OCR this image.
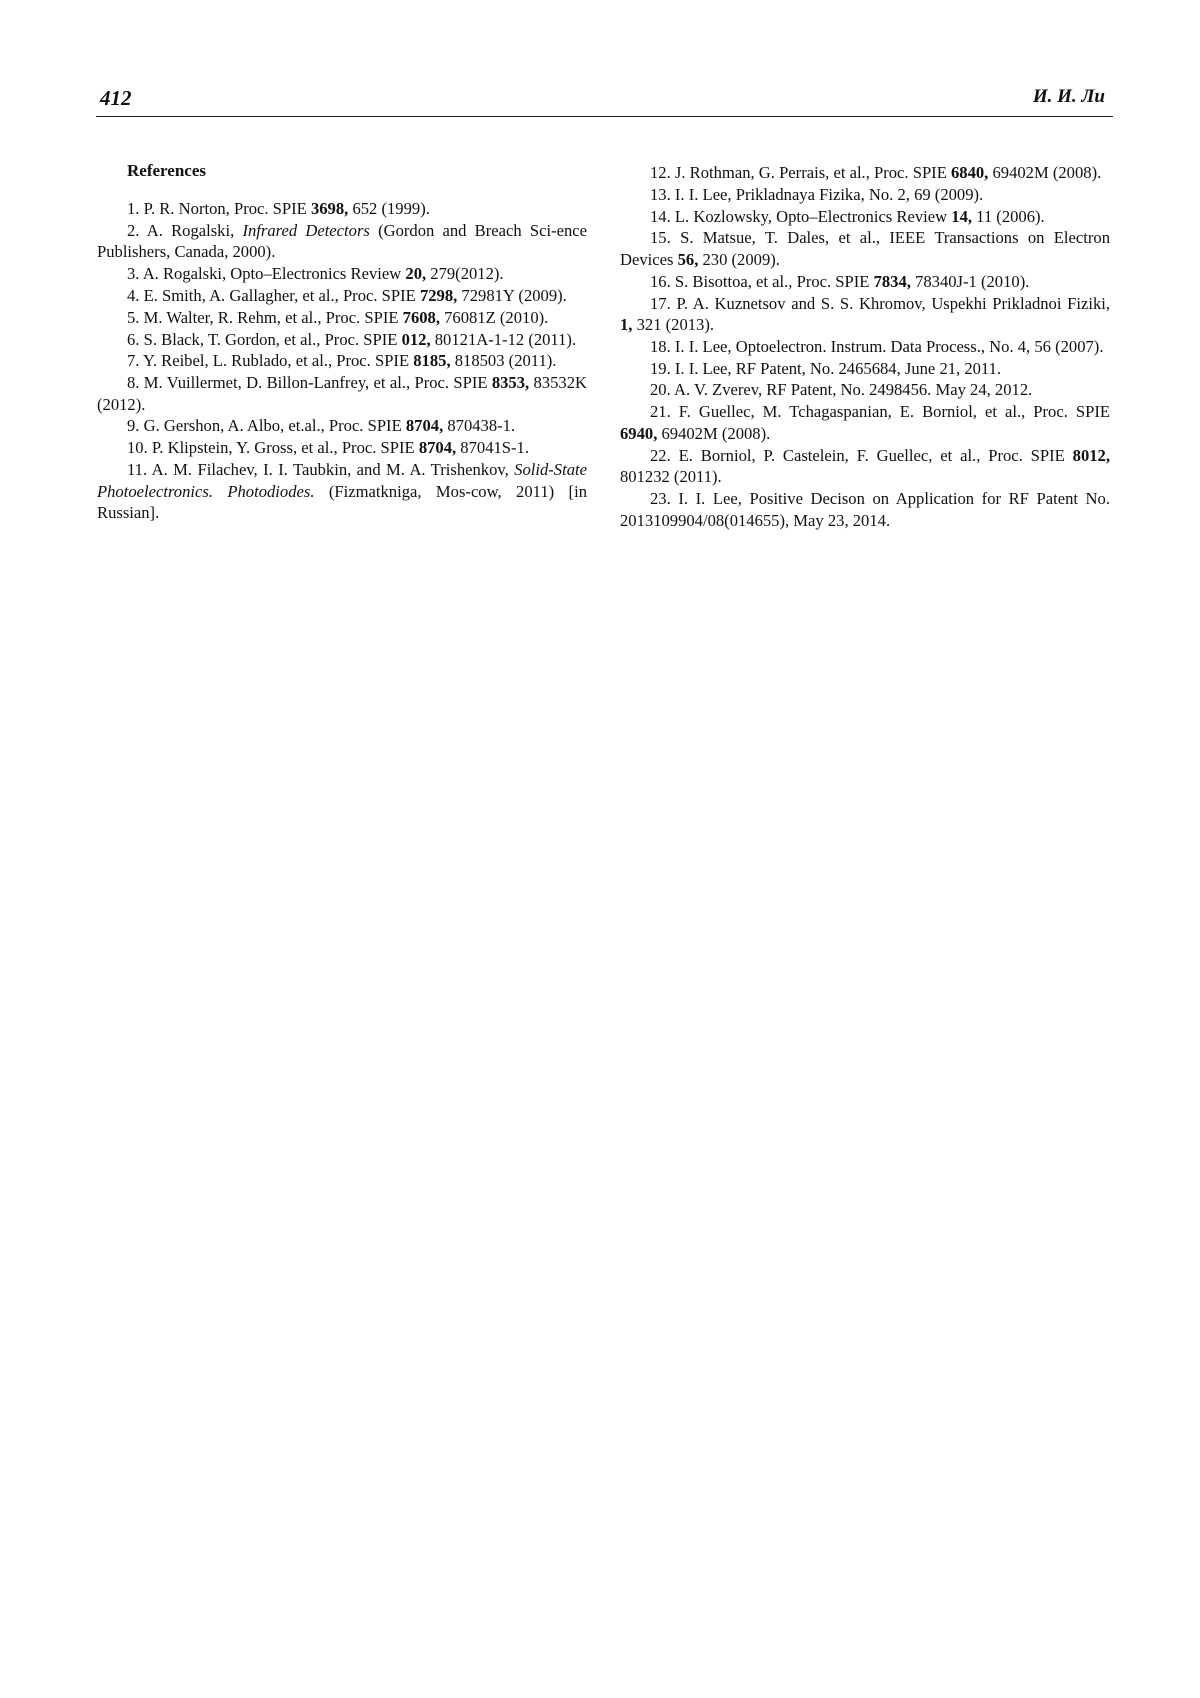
412	И. И. Ли
References
1. P. R. Norton, Proc. SPIE 3698, 652 (1999).
2. A. Rogalski, Infrared Detectors (Gordon and Breach Sci-ence Publishers, Canada, 2000).
3. A. Rogalski, Opto–Electronics Review 20, 279(2012).
4. E. Smith, A. Gallagher, et al., Proc. SPIE 7298, 72981Y (2009).
5. M. Walter, R. Rehm, et al., Proc. SPIE 7608, 76081Z (2010).
6. S. Black, T. Gordon, et al., Proc. SPIE 012, 80121A-1-12 (2011).
7. Y. Reibel, L. Rublado, et al., Proc. SPIE 8185, 818503 (2011).
8. M. Vuillermet, D. Billon-Lanfrey, et al., Proc. SPIE 8353, 83532K (2012).
9. G. Gershon, A. Albo, et.al., Proc. SPIE 8704, 870438-1.
10. P. Klipstein, Y. Gross, et al., Proc. SPIE 8704, 87041S-1.
11. A. M. Filachev, I. I. Taubkin, and M. A. Trishenkov, Solid-State Photoelectronics. Photodiodes. (Fizmatkniga, Mos-cow, 2011) [in Russian].
12. J. Rothman, G. Perrais, et al., Proc. SPIE 6840, 69402M (2008).
13. I. I. Lee, Prikladnaya Fizika, No. 2, 69 (2009).
14. L. Kozlowsky, Opto–Electronics Review 14, 11 (2006).
15. S. Matsue, T. Dales, et al., IEEE Transactions on Electron Devices 56, 230 (2009).
16. S. Bisottoa, et al., Proc. SPIE 7834, 78340J-1 (2010).
17. P. A. Kuznetsov and S. S. Khromov, Uspekhi Prikladnoi Fiziki, 1, 321 (2013).
18. I. I. Lee, Optoelectron. Instrum. Data Process., No. 4, 56 (2007).
19. I. I. Lee, RF Patent, No. 2465684, June 21, 2011.
20. A. V. Zverev, RF Patent, No. 2498456. May 24, 2012.
21. F. Guellec, M. Tchagaspanian, E. Borniol, et al., Proc. SPIE 6940, 69402M (2008).
22. E. Borniol, P. Castelein, F. Guellec, et al., Proc. SPIE 8012, 801232 (2011).
23. I. I. Lee, Positive Decison on Application for RF Patent No. 2013109904/08(014655), May 23, 2014.
